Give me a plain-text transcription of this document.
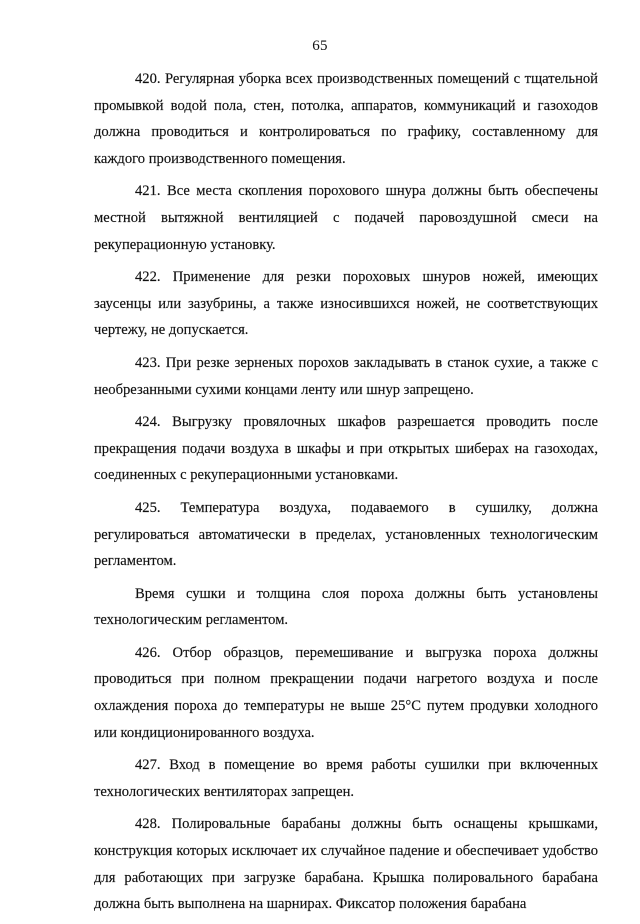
65

420. Регулярная уборка всех производственных помещений с тщательной промывкой водой пола, стен, потолка, аппаратов, коммуникаций и газоходов должна проводиться и контролироваться по графику, составленному для каждого производственного помещения.

421. Все места скопления порохового шнура должны быть обеспечены местной вытяжной вентиляцией с подачей паровоздушной смеси на рекуперационную установку.

422. Применение для резки пороховых шнуров ножей, имеющих заусенцы или зазубрины, а также износившихся ножей, не соответствующих чертежу, не допускается.

423. При резке зерненых порохов закладывать в станок сухие, а также с необрезанными сухими концами ленту или шнур запрещено.

424. Выгрузку провялочных шкафов разрешается проводить после прекращения подачи воздуха в шкафы и при открытых шиберах на газоходах, соединенных с рекуперационными установками.

425. Температура воздуха, подаваемого в сушилку, должна регулироваться автоматически в пределах, установленных технологическим регламентом.

Время сушки и толщина слоя пороха должны быть установлены технологическим регламентом.

426. Отбор образцов, перемешивание и выгрузка пороха должны проводиться при полном прекращении подачи нагретого воздуха и после охлаждения пороха до температуры не выше 25°С путем продувки холодного или кондиционированного воздуха.

427. Вход в помещение во время работы сушилки при включенных технологических вентиляторах запрещен.

428. Полировальные барабаны должны быть оснащены крышками, конструкция которых исключает их случайное падение и обеспечивает удобство для работающих при загрузке барабана. Крышка полировального барабана должна быть выполнена на шарнирах. Фиксатор положения барабана
